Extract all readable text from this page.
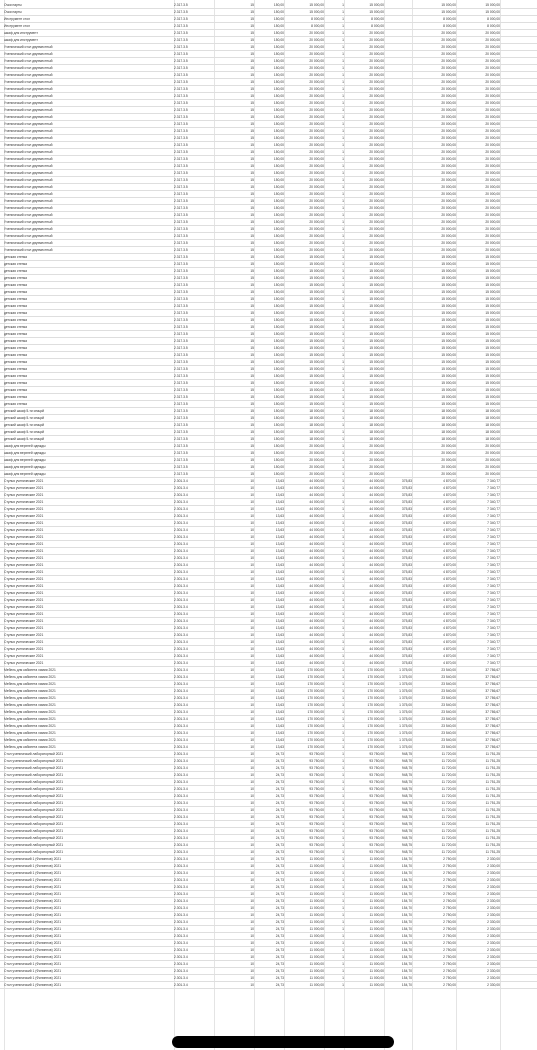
Очки парты	2.317.3.5	15	150,00	15 000,00	1	15 000,00	15 000,00	15 000,00
Очки парты	2.317.3.5	15	150,00	15 000,00	1	15 000,00	15 000,00	15 000,00
Инструмент стол	2.317.3.5	15	150,00	8 000,00	1	8 000,00	8 000,00	8 000,00
Инструмент стол	2.317.3.5	15	150,00	8 000,00	1	8 000,00	8 000,00	8 000,00
шкаф для инструмент	2.317.3.5	15	150,00	20 000,00	1	20 000,00	20 000,00	20 000,00
шкаф для инструмент	2.317.3.5	15	150,00	20 000,00	1	20 000,00	20 000,00	20 000,00
Ученический стол двухместный	2.317.3.5	15	150,00	20 000,00	1	20 000,00	20 000,00	20 000,00
Ученический стол двухместный	2.317.3.5	15	150,00	20 000,00	1	20 000,00	20 000,00	20 000,00
Ученический стол двухместный	2.317.3.5	15	150,00	20 000,00	1	20 000,00	20 000,00	20 000,00
Ученический стол двухместный	2.317.3.5	15	150,00	20 000,00	1	20 000,00	20 000,00	20 000,00
Ученический стол двухместный	2.317.3.5	15	150,00	20 000,00	1	20 000,00	20 000,00	20 000,00
Ученический стол двухместный	2.317.3.5	15	150,00	20 000,00	1	20 000,00	20 000,00	20 000,00
Ученический стол двухместный	2.317.3.5	15	150,00	20 000,00	1	20 000,00	20 000,00	20 000,00
Ученический стол двухместный	2.317.3.5	15	150,00	20 000,00	1	20 000,00	20 000,00	20 000,00
Ученический стол двухместный	2.317.3.5	15	150,00	20 000,00	1	20 000,00	20 000,00	20 000,00
Ученический стол двухместный	2.317.3.5	15	150,00	20 000,00	1	20 000,00	20 000,00	20 000,00
Ученический стол двухместный	2.317.3.5	15	150,00	20 000,00	1	20 000,00	20 000,00	20 000,00
Ученический стол двухместный	2.317.3.5	15	150,00	20 000,00	1	20 000,00	20 000,00	20 000,00
Ученический стол двухместный	2.317.3.5	15	150,00	20 000,00	1	20 000,00	20 000,00	20 000,00
Ученический стол двухместный	2.317.3.5	15	150,00	20 000,00	1	20 000,00	20 000,00	20 000,00
Ученический стол двухместный	2.317.3.5	15	150,00	20 000,00	1	20 000,00	20 000,00	20 000,00
Ученический стол двухместный	2.317.3.5	15	150,00	20 000,00	1	20 000,00	20 000,00	20 000,00
Ученический стол двухместный	2.317.3.5	15	150,00	20 000,00	1	20 000,00	20 000,00	20 000,00
Ученический стол двухместный	2.317.3.5	15	150,00	20 000,00	1	20 000,00	20 000,00	20 000,00
Ученический стол двухместный	2.317.3.5	15	150,00	20 000,00	1	20 000,00	20 000,00	20 000,00
Ученический стол двухместный	2.317.3.5	15	150,00	20 000,00	1	20 000,00	20 000,00	20 000,00
Ученический стол двухместный	2.317.3.5	15	150,00	20 000,00	1	20 000,00	20 000,00	20 000,00
Ученический стол двухместный	2.317.3.5	15	150,00	20 000,00	1	20 000,00	20 000,00	20 000,00
Ученический стол двухместный	2.317.3.5	15	150,00	20 000,00	1	20 000,00	20 000,00	20 000,00
Ученический стол двухместный	2.317.3.5	15	150,00	20 000,00	1	20 000,00	20 000,00	20 000,00
Ученический стол двухместный	2.317.3.5	15	150,00	20 000,00	1	20 000,00	20 000,00	20 000,00
Ученический стол двухместный	2.317.3.5	15	150,00	20 000,00	1	20 000,00	20 000,00	20 000,00
Ученический стол двухместный	2.317.3.5	15	150,00	20 000,00	1	20 000,00	20 000,00	20 000,00
Ученический стол двухместный	2.317.3.5	15	150,00	20 000,00	1	20 000,00	20 000,00	20 000,00
Ученический стол двухместный	2.317.3.5	15	150,00	20 000,00	1	20 000,00	20 000,00	20 000,00
Ученический стол двухместный	2.317.3.5	15	150,00	20 000,00	1	20 000,00	20 000,00	20 000,00
детская стенка	2.317.3.5	15	150,00	15 000,00	1	15 000,00	15 000,00	15 000,00
детская стенка	2.317.3.5	15	150,00	15 000,00	1	15 000,00	15 000,00	15 000,00
детская стенка	2.317.3.5	15	150,00	15 000,00	1	15 000,00	15 000,00	15 000,00
детская стенка	2.317.3.5	15	150,00	15 000,00	1	15 000,00	15 000,00	15 000,00
детская стенка	2.317.3.5	15	150,00	15 000,00	1	15 000,00	15 000,00	15 000,00
детская стенка	2.317.3.5	15	150,00	15 000,00	1	15 000,00	15 000,00	15 000,00
детская стенка	2.317.3.5	15	150,00	15 000,00	1	15 000,00	15 000,00	15 000,00
детская стенка	2.317.3.5	15	150,00	15 000,00	1	15 000,00	15 000,00	15 000,00
детская стенка	2.317.3.5	15	150,00	15 000,00	1	15 000,00	15 000,00	15 000,00
детская стенка	2.317.3.5	15	150,00	15 000,00	1	15 000,00	15 000,00	15 000,00
детская стенка	2.317.3.5	15	150,00	15 000,00	1	15 000,00	15 000,00	15 000,00
детская стенка	2.317.3.5	15	150,00	15 000,00	1	15 000,00	15 000,00	15 000,00
детская стенка	2.317.3.5	15	150,00	15 000,00	1	15 000,00	15 000,00	15 000,00
детская стенка	2.317.3.5	15	150,00	15 000,00	1	15 000,00	15 000,00	15 000,00
детская стенка	2.317.3.5	15	150,00	15 000,00	1	15 000,00	15 000,00	15 000,00
детская стенка	2.317.3.5	15	150,00	15 000,00	1	15 000,00	15 000,00	15 000,00
детская стенка	2.317.3.5	15	150,00	15 000,00	1	15 000,00	15 000,00	15 000,00
детская стенка	2.317.3.5	15	150,00	15 000,00	1	15 000,00	15 000,00	15 000,00
детская стенка	2.317.3.5	15	150,00	15 000,00	1	15 000,00	15 000,00	15 000,00
детская стенка	2.317.3.5	15	150,00	15 000,00	1	15 000,00	15 000,00	15 000,00
детская стенка	2.317.3.5	15	150,00	15 000,00	1	15 000,00	15 000,00	15 000,00
детская стенка	2.317.3.5	15	150,00	15 000,00	1	15 000,00	15 000,00	15 000,00
детский шкаф 5-ти секций	2.317.3.5	15	150,00	18 000,00	1	18 000,00	18 000,00	18 000,00
детский шкаф 5-ти секций	2.317.3.5	15	150,00	18 000,00	1	18 000,00	18 000,00	18 000,00
детский шкаф 5-ти секций	2.317.3.5	15	150,00	18 000,00	1	18 000,00	18 000,00	18 000,00
детский шкаф 5-ти секций	2.317.3.5	15	150,00	18 000,00	1	18 000,00	18 000,00	18 000,00
детский шкаф 5-ти секций	2.317.3.5	15	150,00	18 000,00	1	18 000,00	18 000,00	18 000,00
шкаф для верхней одежды	2.317.3.5	15	150,00	20 000,00	1	20 000,00	20 000,00	20 000,00
шкаф для верхней одежды	2.317.3.5	15	150,00	20 000,00	1	20 000,00	20 000,00	20 000,00
шкаф для верхней одежды	2.317.3.5	15	150,00	20 000,00	1	20 000,00	20 000,00	20 000,00
шкаф для верхней одежды	2.317.3.5	15	150,00	20 000,00	1	20 000,00	20 000,00	20 000,00
шкаф для верхней одежды	2.317.3.5	15	150,00	20 000,00	1	20 000,00	20 000,00	20 000,00
Стулья ученические 2021	2.301.3.4	10	13,63	44 000,00	1	44 000,00	375,83	4 870,00	7 340,77
Стулья ученические 2021	2.301.3.4	10	13,63	44 000,00	1	44 000,00	375,83	4 870,00	7 340,77
Стулья ученические 2021	2.301.3.4	10	13,63	44 000,00	1	44 000,00	375,83	4 870,00	7 340,77
Стулья ученические 2021	2.301.3.4	10	13,63	44 000,00	1	44 000,00	375,83	4 870,00	7 340,77
Стулья ученические 2021	2.301.3.4	10	13,63	44 000,00	1	44 000,00	375,83	4 870,00	7 340,77
Стулья ученические 2021	2.301.3.4	10	13,63	44 000,00	1	44 000,00	375,83	4 870,00	7 340,77
Стулья ученические 2021	2.301.3.4	10	13,63	44 000,00	1	44 000,00	375,83	4 870,00	7 340,77
Стулья ученические 2021	2.301.3.4	10	13,63	44 000,00	1	44 000,00	375,83	4 870,00	7 340,77
Стулья ученические 2021	2.301.3.4	10	13,63	44 000,00	1	44 000,00	375,83	4 870,00	7 340,77
Стулья ученические 2021	2.301.3.4	10	13,63	44 000,00	1	44 000,00	375,83	4 870,00	7 340,77
Стулья ученические 2021	2.301.3.4	10	13,63	44 000,00	1	44 000,00	375,83	4 870,00	7 340,77
Стулья ученические 2021	2.301.3.4	10	13,63	44 000,00	1	44 000,00	375,83	4 870,00	7 340,77
Стулья ученические 2021	2.301.3.4	10	13,63	44 000,00	1	44 000,00	375,83	4 870,00	7 340,77
Стулья ученические 2021	2.301.3.4	10	13,63	44 000,00	1	44 000,00	375,83	4 870,00	7 340,77
Стулья ученические 2021	2.301.3.4	10	13,63	44 000,00	1	44 000,00	375,83	4 870,00	7 340,77
Стулья ученические 2021	2.301.3.4	10	13,63	44 000,00	1	44 000,00	375,83	4 870,00	7 340,77
Стулья ученические 2021	2.301.3.4	10	13,63	44 000,00	1	44 000,00	375,83	4 870,00	7 340,77
Стулья ученические 2021	2.301.3.4	10	13,63	44 000,00	1	44 000,00	375,83	4 870,00	7 340,77
Стулья ученические 2021	2.301.3.4	10	13,63	44 000,00	1	44 000,00	375,83	4 870,00	7 340,77
Стулья ученические 2021	2.301.3.4	10	13,63	44 000,00	1	44 000,00	375,83	4 870,00	7 340,77
Стулья ученические 2021	2.301.3.4	10	13,63	44 000,00	1	44 000,00	375,83	4 870,00	7 340,77
Стулья ученические 2021	2.301.3.4	10	13,63	44 000,00	1	44 000,00	375,83	4 870,00	7 340,77
Стулья ученические 2021	2.301.3.4	10	13,63	44 000,00	1	44 000,00	375,83	4 870,00	7 340,77
Стулья ученические 2021	2.301.3.4	10	13,63	44 000,00	1	44 000,00	375,83	4 870,00	7 340,77
Стулья ученические 2021	2.301.3.4	10	13,63	44 000,00	1	44 000,00	375,83	4 870,00	7 340,77
Стулья ученические 2021	2.301.3.4	10	13,63	44 000,00	1	44 000,00	375,83	4 870,00	7 340,77
Стулья ученические 2021	2.301.3.4	10	13,63	44 000,00	1	44 000,00	375,83	4 870,00	7 340,77
Мебель для кабинета химии 2021	2.301.3.4	10	13,63	170 000,00	1	170 000,00	1 375,00	23 540,00	37 786,67
Мебель для кабинета химии 2021	2.301.3.4	10	13,63	170 000,00	1	170 000,00	1 375,00	23 540,00	37 786,67
Мебель для кабинета химии 2021	2.301.3.4	10	13,63	170 000,00	1	170 000,00	1 375,00	23 540,00	37 786,67
Мебель для кабинета химии 2021	2.301.3.4	10	13,63	170 000,00	1	170 000,00	1 375,00	23 540,00	37 786,67
Мебель для кабинета химии 2021	2.301.3.4	10	13,63	170 000,00	1	170 000,00	1 375,00	23 540,00	37 786,67
Мебель для кабинета химии 2021	2.301.3.4	10	13,63	170 000,00	1	170 000,00	1 375,00	23 540,00	37 786,67
Мебель для кабинета химии 2021	2.301.3.4	10	13,63	170 000,00	1	170 000,00	1 375,00	23 540,00	37 786,67
Мебель для кабинета химии 2021	2.301.3.4	10	13,63	170 000,00	1	170 000,00	1 375,00	23 540,00	37 786,67
Мебель для кабинета химии 2021	2.301.3.4	10	13,63	170 000,00	1	170 000,00	1 375,00	23 540,00	37 786,67
Мебель для кабинета химии 2021	2.301.3.4	10	13,63	170 000,00	1	170 000,00	1 375,00	23 540,00	37 786,67
Мебель для кабинета химии 2021	2.301.3.4	10	13,63	170 000,00	1	170 000,00	1 375,00	23 540,00	37 786,67
Мебель для кабинета химии 2021	2.301.3.4	10	13,63	170 000,00	1	170 000,00	1 375,00	23 540,00	37 786,67
Стол ученический лабораторный 2021	2.301.3.4	10	24,73	93 750,00	1	93 750,00	948,75	11 720,00	11 751,25
Стол ученический лабораторный 2021	2.301.3.4	10	24,73	93 750,00	1	93 750,00	948,75	11 720,00	11 751,25
Стол ученический лабораторный 2021	2.301.3.4	10	24,73	93 750,00	1	93 750,00	948,75	11 720,00	11 751,25
Стол ученический лабораторный 2021	2.301.3.4	10	24,73	93 750,00	1	93 750,00	948,75	11 720,00	11 751,25
Стол ученический лабораторный 2021	2.301.3.4	10	24,73	93 750,00	1	93 750,00	948,75	11 720,00	11 751,25
Стол ученический лабораторный 2021	2.301.3.4	10	24,73	93 750,00	1	93 750,00	948,75	11 720,00	11 751,25
Стол ученический лабораторный 2021	2.301.3.4	10	24,73	93 750,00	1	93 750,00	948,75	11 720,00	11 751,25
Стол ученический лабораторный 2021	2.301.3.4	10	24,73	93 750,00	1	93 750,00	948,75	11 720,00	11 751,25
Стол ученический лабораторный 2021	2.301.3.4	10	24,73	93 750,00	1	93 750,00	948,75	11 720,00	11 751,25
Стол ученический лабораторный 2021	2.301.3.4	10	24,73	93 750,00	1	93 750,00	948,75	11 720,00	11 751,25
Стол ученический лабораторный 2021	2.301.3.4	10	24,73	93 750,00	1	93 750,00	948,75	11 720,00	11 751,25
Стол ученический лабораторный 2021	2.301.3.4	10	24,73	93 750,00	1	93 750,00	948,75	11 720,00	11 751,25
Стол ученический лабораторный 2021	2.301.3.4	10	24,73	93 750,00	1	93 750,00	948,75	11 720,00	11 751,25
Стол ученический лабораторный 2021	2.301.3.4	10	24,73	93 750,00	1	93 750,00	948,75	11 720,00	11 751,25
Стол ученический лабораторный 2021	2.301.3.4	10	24,73	93 750,00	1	93 750,00	948,75	11 720,00	11 751,25
Стол ученический 1 (Филиппов) 2021	2.301.3.4	10	24,73	11 000,00	1	11 000,00	154,70	2 750,00	2 330,00
Стол ученический 1 (Филиппов) 2021	2.301.3.4	10	24,73	11 000,00	1	11 000,00	154,70	2 750,00	2 330,00
Стол ученический 1 (Филиппов) 2021	2.301.3.4	10	24,73	11 000,00	1	11 000,00	154,70	2 750,00	2 330,00
Стол ученический 1 (Филиппов) 2021	2.301.3.4	10	24,73	11 000,00	1	11 000,00	154,70	2 750,00	2 330,00
Стол ученический 1 (Филиппов) 2021	2.301.3.4	10	24,73	11 000,00	1	11 000,00	154,70	2 750,00	2 330,00
Стол ученический 1 (Филиппов) 2021	2.301.3.4	10	24,73	11 000,00	1	11 000,00	154,70	2 750,00	2 330,00
Стол ученический 1 (Филиппов) 2021	2.301.3.4	10	24,73	11 000,00	1	11 000,00	154,70	2 750,00	2 330,00
Стол ученический 1 (Филиппов) 2021	2.301.3.4	10	24,73	11 000,00	1	11 000,00	154,70	2 750,00	2 330,00
Стол ученический 1 (Филиппов) 2021	2.301.3.4	10	24,73	11 000,00	1	11 000,00	154,70	2 750,00	2 330,00
Стол ученический 1 (Филиппов) 2021	2.301.3.4	10	24,73	11 000,00	1	11 000,00	154,70	2 750,00	2 330,00
Стол ученический 1 (Филиппов) 2021	2.301.3.4	10	24,73	11 000,00	1	11 000,00	154,70	2 750,00	2 330,00
Стол ученический 1 (Филиппов) 2021	2.301.3.4	10	24,73	11 000,00	1	11 000,00	154,70	2 750,00	2 330,00
Стол ученический 1 (Филиппов) 2021	2.301.3.4	10	24,73	11 000,00	1	11 000,00	154,70	2 750,00	2 330,00
Стол ученический 1 (Филиппов) 2021	2.301.3.4	10	24,73	11 000,00	1	11 000,00	154,70	2 750,00	2 330,00
Стол ученический 1 (Филиппов) 2021	2.301.3.4	10	24,73	11 000,00	1	11 000,00	154,70	2 750,00	2 330,00
Стол ученический 1 (Филиппов) 2021	2.301.3.4	10	24,73	11 000,00	1	11 000,00	154,70	2 750,00	2 330,00
Стол ученический 1 (Филиппов) 2021	2.301.3.4	10	24,73	11 000,00	1	11 000,00	154,70	2 750,00	2 330,00
Стол ученический 1 (Филиппов) 2021	2.301.3.4	10	24,73	11 000,00	1	11 000,00	154,70	2 750,00	2 330,00
Стол ученический 1 (Филиппов) 2021	2.301.3.4	10	24,73	11 000,00	1	11 000,00	154,70	2 750,00	2 330,00
